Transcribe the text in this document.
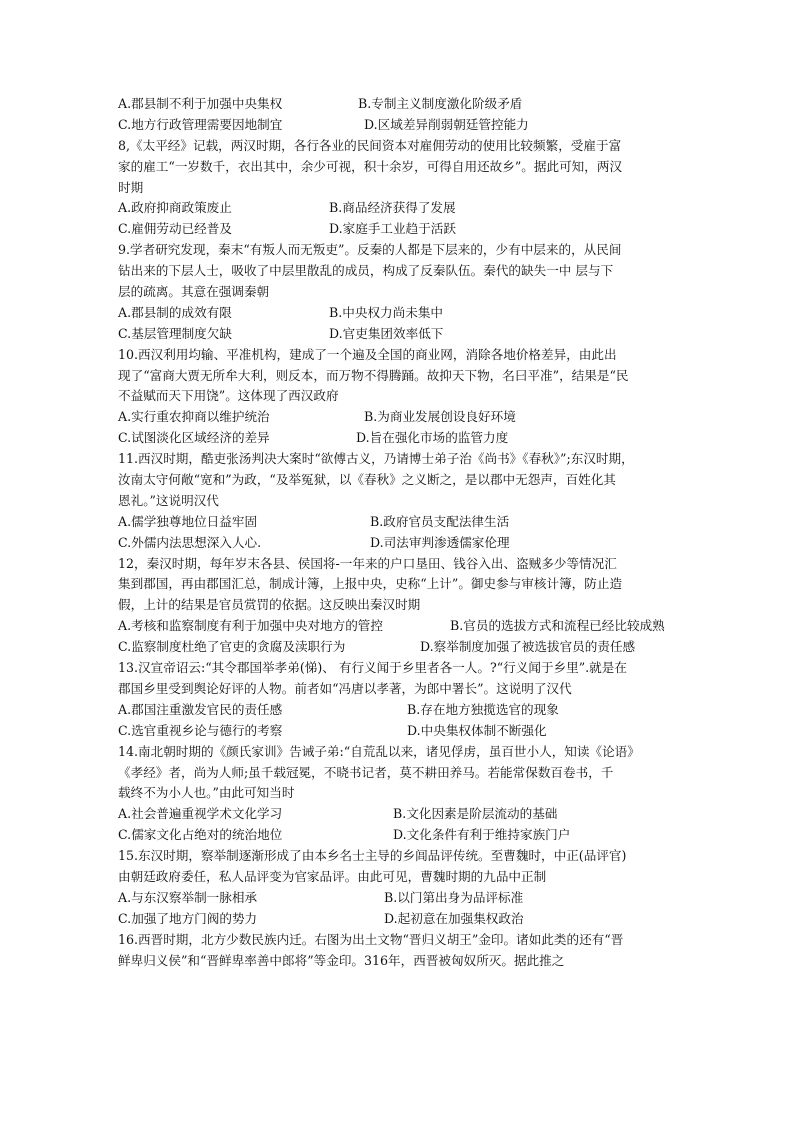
A.郡县制不利于加强中央集权	B.专制主义制度激化阶级矛盾
C.地方行政管理需要因地制宜	D.区域差异削弱朝廷管控能力
8,《太平经》记载，两汉时期，各行各业的民间资本对雇佣劳动的使用比较频繁，受雇于富
家的雇工“一岁数千，衣出其中，余少可视，积十余岁，可得自用还故乡”。据此可知，两汉
时期
A.政府抑商政策废止	B.商品经济获得了发展
C.雇佣劳动已经普及	D.家庭手工业趋于活跃
9.学者研究发现，秦末“有叛人而无叛吏”。反秦的人都是下层来的，少有中层来的，从民间
钻出来的下层人士，吸收了中层里散乱的成员，构成了反秦队伍。秦代的缺失一中 层与下
层的疏离。其意在强调秦朝
A.郡县制的成效有限	B.中央权力尚未集中
C.基层管理制度欠缺	D.官吏集团效率低下
10.西汉利用均输、平准机构，建成了一个遍及全国的商业网，消除各地价格差异，由此出
现了“富商大贾无所牟大利，则反本，而万物不得腾踊。故抑天下物，名曰平准”，结果是“民
不益赋而天下用饶”。这体现了西汉政府
A.实行重农抑商以维护统治	B.为商业发展创设良好环境
C.试图淡化区域经济的差异	D.旨在强化市场的监管力度
11.西汉时期，酷吏张汤判决大案时“欲傅古义，乃请博士弟子治《尚书》《春秋》”;东汉时期，
汝南太守何敞“宽和”为政，“及举冤狱，以《春秋》之义断之，是以郡中无怨声，百姓化其
恩礼。”这说明汉代
A.儒学独尊地位日益牢固	B.政府官员支配法律生活
C.外儒内法思想深入人心.	D.司法审判渗透儒家伦理
12，秦汉时期，每年岁末各县、侯国将-一年来的户口垦田、钱谷入出、盗贼多少等情况汇
集到郡国，再由郡国汇总，制成计簿，上报中央，史称“上计”。御史参与审核计簿，防止造
假，上计的结果是官员赏罚的依据。这反映出秦汉时期
A.考核和监察制度有利于加强中央对地方的管控	B.官员的选拔方式和流程已经比较成熟
C.监察制度杜绝了官吏的贪腐及渎职行为	D.察举制度加强了被选拔官员的责任感
13.汉宣帝诏云:“其令郡国举孝弟(悌)、 有行义闻于乡里者各一人。?“行义闻于乡里”.就是在
郡国乡里受到舆论好评的人物。前者如“冯唐以孝著，为郎中署长”。这说明了汉代
A.郡国注重激发官民的责任感	B.存在地方独揽选官的现象
C.选官重视乡论与德行的考察	D.中央集权体制不断强化
14.南北朝时期的《颜氏家训》告诫子弟:“自荒乱以来，诸见俘虏，虽百世小人，知读《论语》
《孝经》者，尚为人师;虽千载冠冕，不晓书记者，莫不耕田养马。若能常保数百卷书，千
载终不为小人也。”由此可知当时
A.社会普遍重视学术文化学习	B.文化因素是阶层流动的基础
C.儒家文化占绝对的统治地位	D.文化条件有利于维持家族门户
15.东汉时期，察举制逐渐形成了由本乡名士主导的乡闾品评传统。至曹魏时，中正(品评官)
由朝廷政府委任，私人品评变为官家品评。由此可见，曹魏时期的九品中正制
A.与东汉察举制一脉相承	B.以门第出身为品评标准
C.加强了地方门阀的势力	D.起初意在加强集权政治
16.西晋时期，北方少数民族内迁。右图为出土文物“晋归义胡王”金印。诸如此类的还有“晋
鲜卑归义侯”和“晋鲜卑率善中郎将”等金印。316年，西晋被匈奴所灭。据此推之
